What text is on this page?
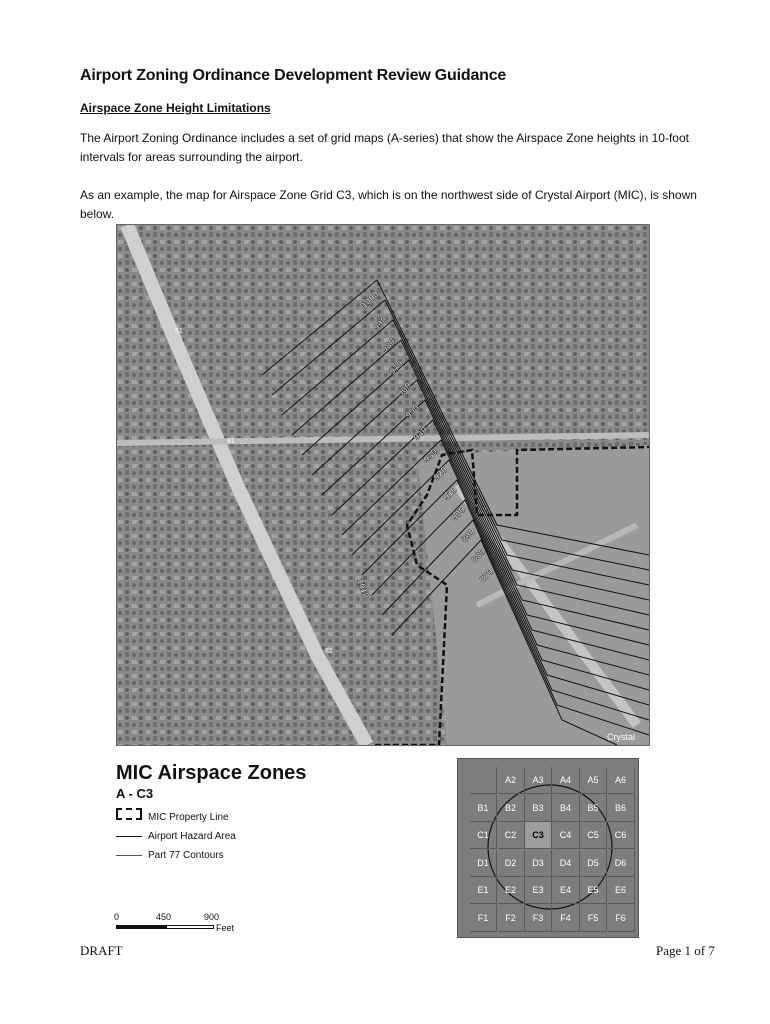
Airport Zoning Ordinance Development Review Guidance
Airspace Zone Height Limitations
The Airport Zoning Ordinance includes a set of grid maps (A-series) that show the Airspace Zone heights in 10-foot intervals for areas surrounding the airport.
As an example, the map for Airspace Zone Grid C3, which is on the northwest side of Crystal Airport (MIC), is shown below.
1000
990
980
970
960
950
940
930
920
910
900
890
880
870
1010
81
81
81
Crystal
MIC Airspace Zones
A - C3
MIC Property Line
Airport Hazard Area
Part 77 Contours
0	450	900
Feet
A2	A3	A4	A5	A6
B1	B2	B3	B4	B5	B6
C1	C2	C3	C4	C5	C6
D1	D2	D3	D4	D5	D6
E1	E2	E3	E4	E5	E6
F1	F2	F3	F4	F5	F6
DRAFT	Page 1 of 7
